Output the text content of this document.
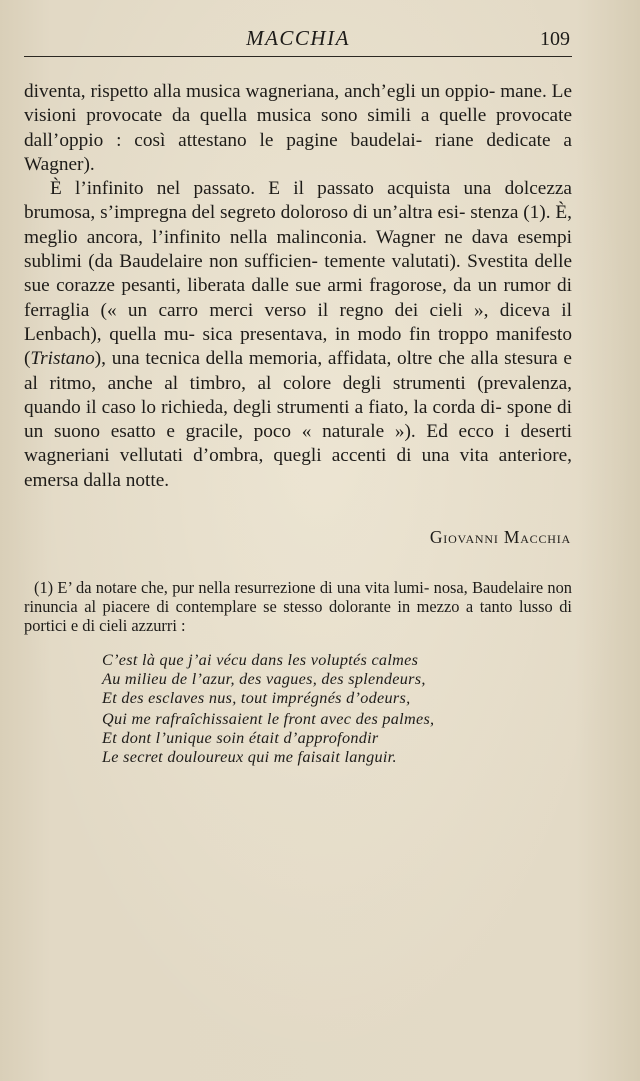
MACCHIA	109

diventa, rispetto alla musica wagneriana, anch’egli un oppio- mane. Le visioni provocate da quella musica sono simili a quelle provocate dall’oppio : così attestano le pagine baudelai- riane dedicate a Wagner).

È l’infinito nel passato. E il passato acquista una dolcezza brumosa, s’impregna del segreto doloroso di un’altra esi- stenza (1). È, meglio ancora, l’infinito nella malinconia. Wagner ne dava esempi sublimi (da Baudelaire non sufficien- temente valutati). Svestita delle sue corazze pesanti, liberata dalle sue armi fragorose, da un rumor di ferraglia (« un carro merci verso il regno dei cieli », diceva il Lenbach), quella mu- sica presentava, in modo fin troppo manifesto (Tristano), una tecnica della memoria, affidata, oltre che alla stesura e al ritmo, anche al timbro, al colore degli strumenti (prevalenza, quando il caso lo richieda, degli strumenti a fiato, la corda di- spone di un suono esatto e gracile, poco « naturale »). Ed ecco i deserti wagneriani vellutati d’ombra, quegli accenti di una vita anteriore, emersa dalla notte.

Giovanni Macchia

(1) E’ da notare che, pur nella resurrezione di una vita lumi- nosa, Baudelaire non rinuncia al piacere di contemplare se stesso dolorante in mezzo a tanto lusso di portici e di cieli azzurri :

C’est là que j’ai vécu dans les voluptés calmes
Au milieu de l’azur, des vagues, des splendeurs,
Et des esclaves nus, tout imprégnés d’odeurs,
Qui me rafraîchissaient le front avec des palmes,
Et dont l’unique soin était d’approfondir
Le secret douloureux qui me faisait languir.
